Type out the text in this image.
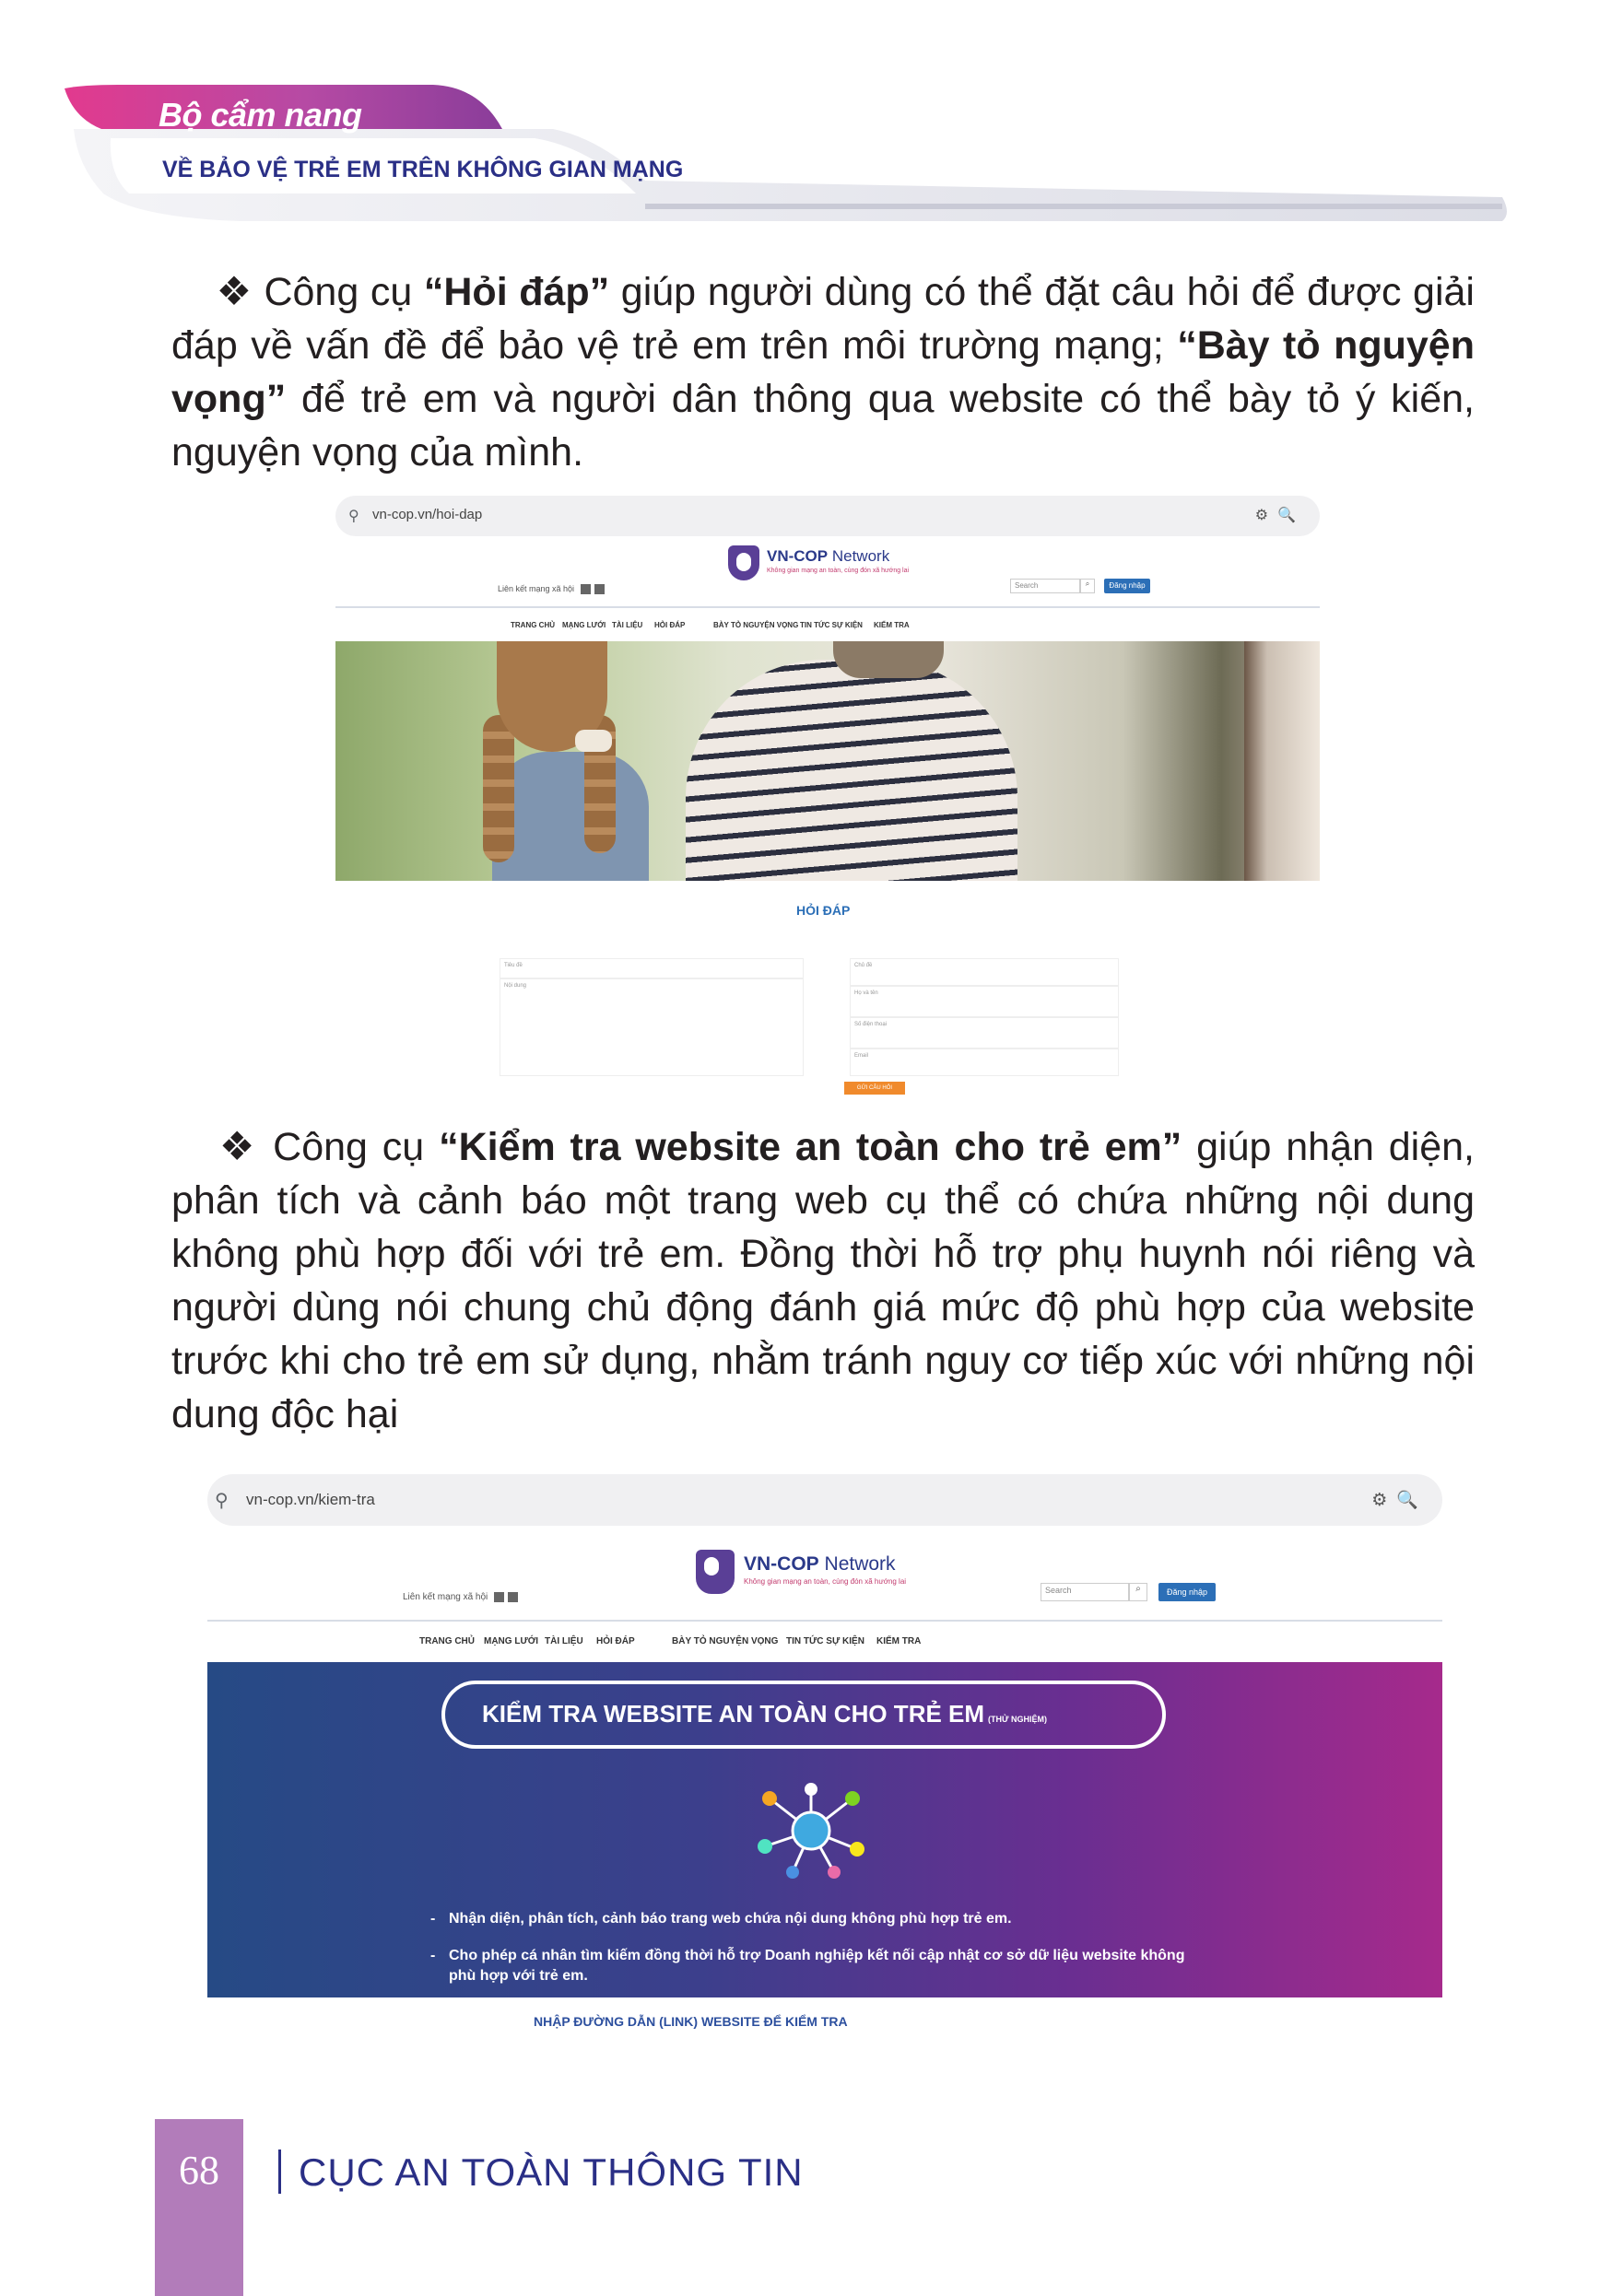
Bộ cẩm nang
VỀ BẢO VỆ TRẺ EM TRÊN KHÔNG GIAN MẠNG
❖ Công cụ “Hỏi đáp” giúp người dùng có thể đặt câu hỏi để được giải đáp về vấn đề để bảo vệ trẻ em trên môi trường mạng; “Bày tỏ nguyện vọng” để trẻ em và người dân thông qua website có thể bày tỏ ý kiến, nguyện vọng của mình.
⚲ vn-cop.vn/hoi-dap	⚙🔍
Liên kết mạng xã hội
VN-COP Network
Không gian mạng an toàn, cùng đón xã hướng lai
Search	⌕	Đăng nhập
TRANG CHỦ	MẠNG LƯỚI TÀI LIỆU	HỎI ĐÁP	BÀY TỎ NGUYỆN VỌNG TIN TỨC SỰ KIỆN	KIỂM TRA
HỎI ĐÁP
Tiêu đề
Nội dung
Chủ đề
Họ và tên
Số điện thoại
Email
GỬI CÂU HỎI
❖ Công cụ “Kiểm tra website an toàn cho trẻ em” giúp nhận diện, phân tích và cảnh báo một trang web cụ thể có chứa những nội dung không phù hợp đối với trẻ em. Đồng thời hỗ trợ phụ huynh nói riêng và người dùng nói chung chủ động đánh giá mức độ phù hợp của website trước khi cho trẻ em sử dụng, nhằm tránh nguy cơ tiếp xúc với những nội dung độc hại
⚲ vn-cop.vn/kiem-tra	⚙🔍
Liên kết mạng xã hội
VN-COP Network
Không gian mạng an toàn, cùng đón xã hướng lai
Search	⌕	Đăng nhập
TRANG CHỦ	MẠNG LƯỚI TÀI LIỆU	HỎI ĐÁP	BÀY TỎ NGUYỆN VỌNG TIN TỨC SỰ KIỆN	KIỂM TRA
KIỂM TRA WEBSITE AN TOÀN CHO TRẺ EM (THỬ NGHIỆM)
- Nhận diện, phân tích, cảnh báo trang web chứa nội dung không phù hợp trẻ em.
- Cho phép cá nhân tìm kiếm đồng thời hỗ trợ Doanh nghiệp kết nối cập nhật cơ sở dữ liệu website không phù hợp với trẻ em.
NHẬP ĐƯỜNG DẪN (LINK) WEBSITE ĐỂ KIỂM TRA
68	CỤC AN TOÀN THÔNG TIN
